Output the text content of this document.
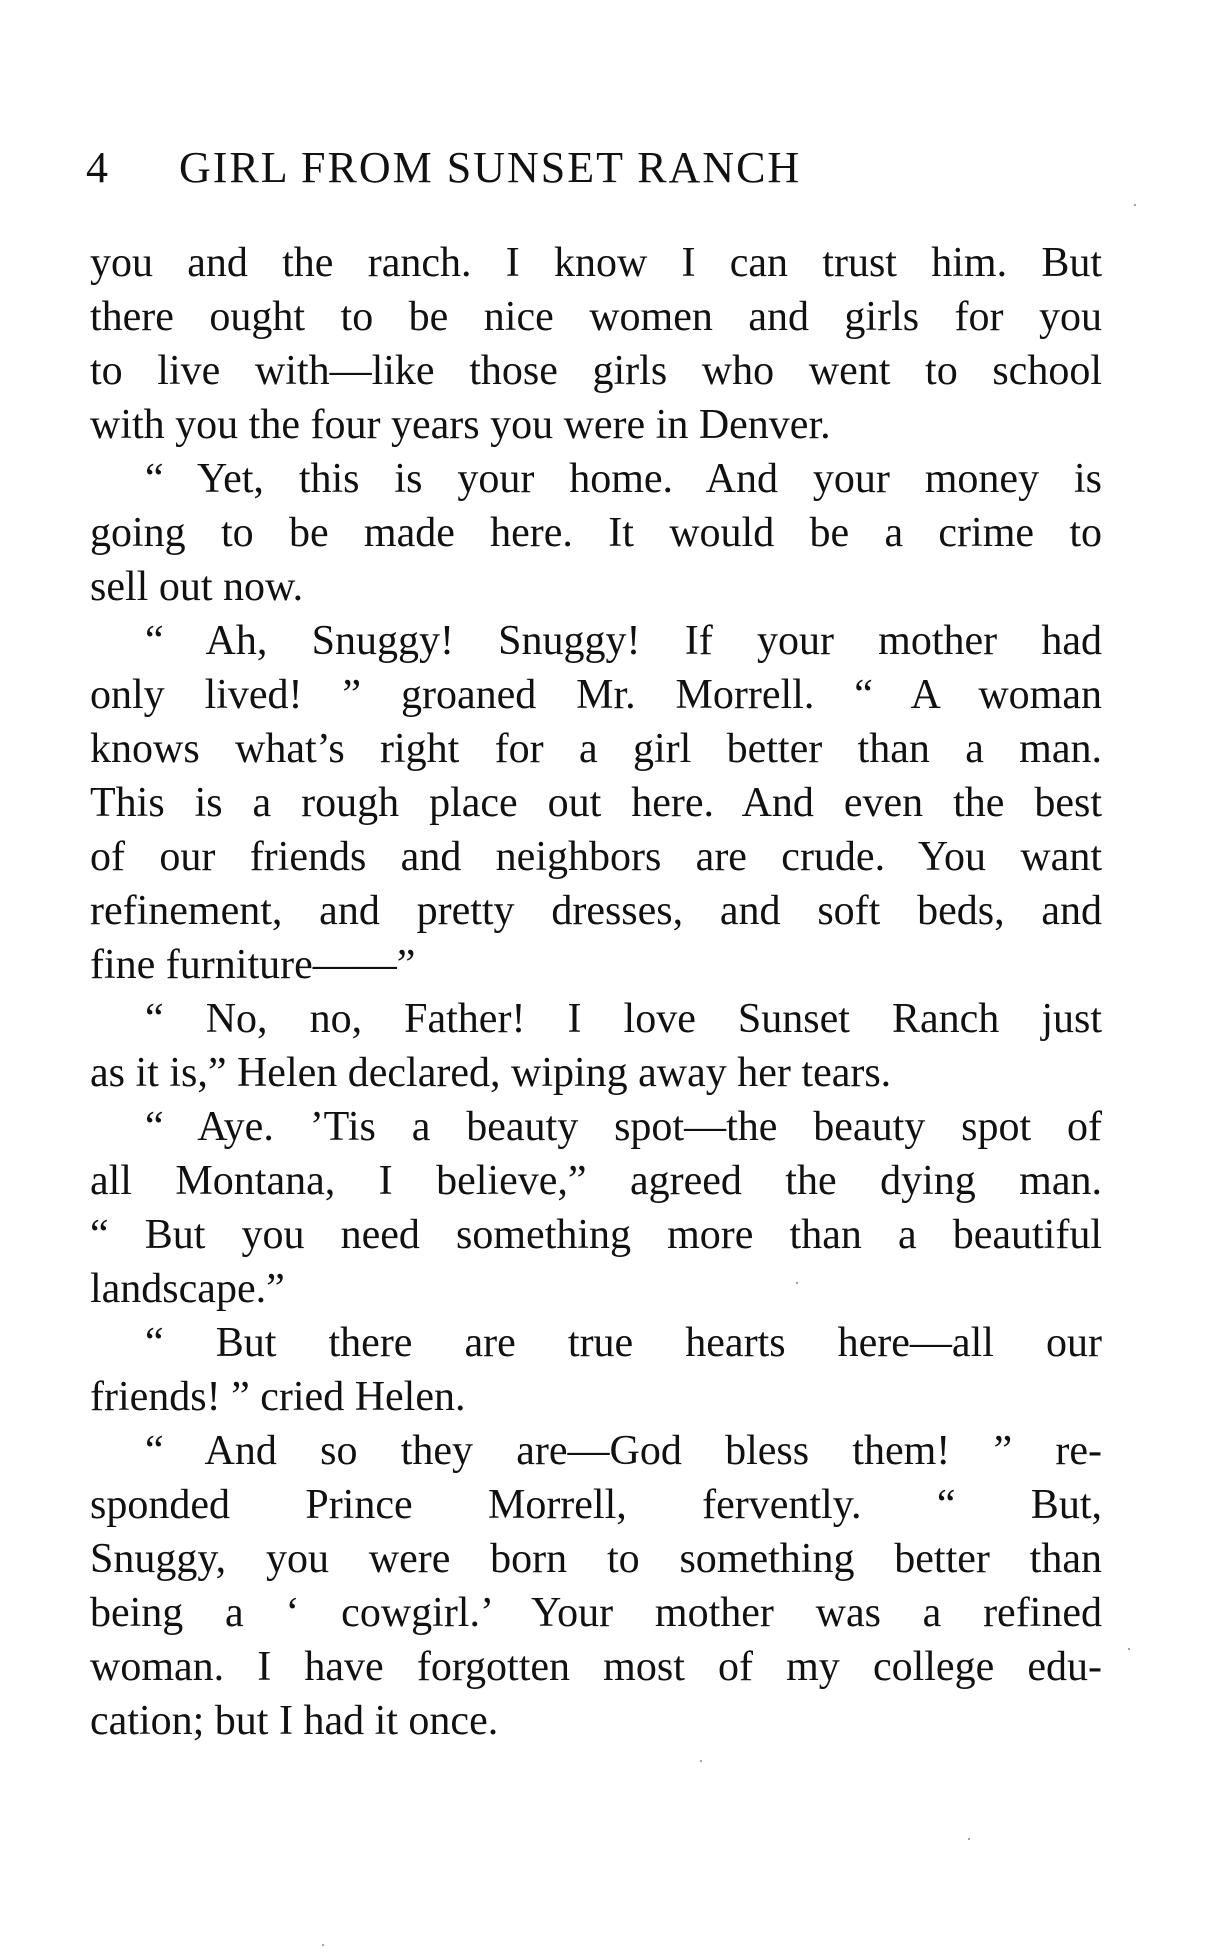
4 GIRL FROM SUNSET RANCH
you and the ranch. I know I can trust him. But
there ought to be nice women and girls for you
to live with—like those girls who went to school
with you the four years you were in Denver.
“ Yet, this is your home. And your money is
going to be made here. It would be a crime to
sell out now.
“ Ah, Snuggy! Snuggy! If your mother had
only lived! ” groaned Mr. Morrell. “ A woman
knows what’s right for a girl better than a man.
This is a rough place out here. And even the best
of our friends and neighbors are crude. You want
refinement, and pretty dresses, and soft beds, and
fine furniture——”
“ No, no, Father! I love Sunset Ranch just
as it is,” Helen declared, wiping away her tears.
“ Aye. ’Tis a beauty spot—the beauty spot of
all Montana, I believe,” agreed the dying man.
“ But you need something more than a beautiful
landscape.”
“ But there are true hearts here—all our
friends! ” cried Helen.
“ And so they are—God bless them! ” re-
sponded Prince Morrell, fervently. “ But,
Snuggy, you were born to something better than
being a ‘ cowgirl.’ Your mother was a refined
woman. I have forgotten most of my college edu-
cation; but I had it once.
